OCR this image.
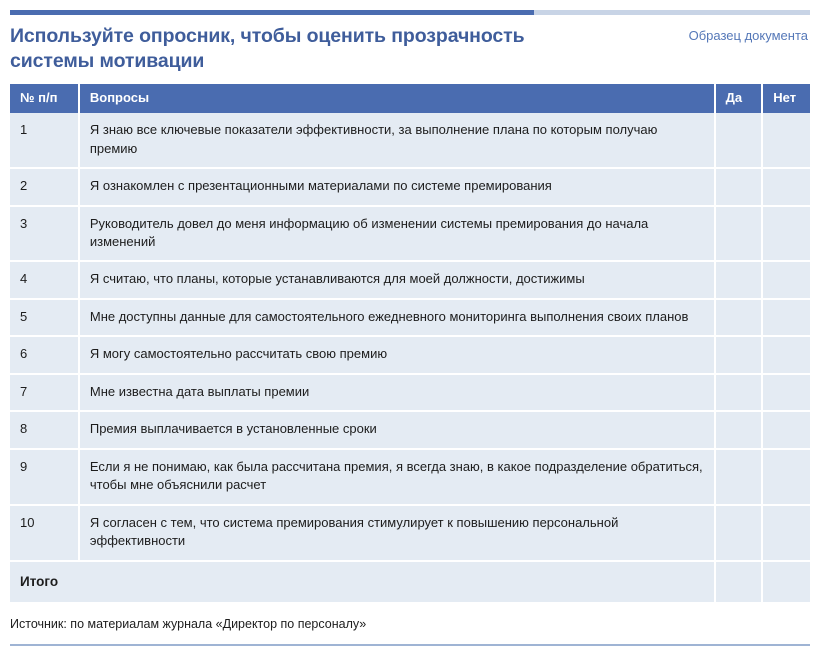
Используйте опросник, чтобы оценить прозрачность системы мотивации
Образец документа
№ п/п	Вопросы	Да	Нет
1	Я знаю все ключевые показатели эффективности, за выполнение плана по которым получаю премию		
2	Я ознакомлен с презентационными материалами по системе премирования		
3	Руководитель довел до меня информацию об изменении системы премирования до начала изменений		
4	Я считаю, что планы, которые устанавливаются для моей должности, достижимы		
5	Мне доступны данные для самостоятельного ежедневного мониторинга выполнения своих планов		
6	Я могу самостоятельно рассчитать свою премию		
7	Мне известна дата выплаты премии		
8	Премия выплачивается в установленные сроки		
9	Если я не понимаю, как была рассчитана премия, я всегда знаю, в какое подразделение обратиться, чтобы мне объяснили расчет		
10	Я согласен с тем, что система премирования стимулирует к повышению персональной эффективности		
Итого			

Источник: по материалам журнала «Директор по персоналу»
